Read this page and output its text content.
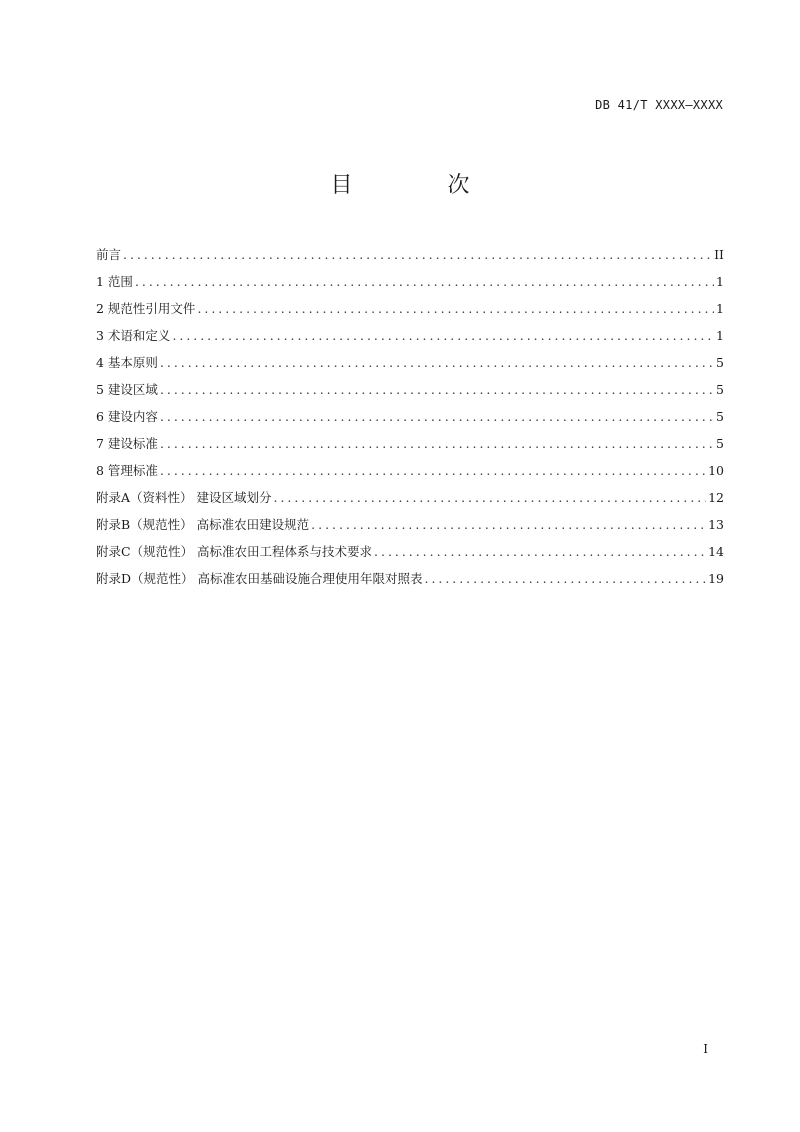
DB 41/T XXXX—XXXX
目 次
前言 . . .	II
1 范围 . . .	1
2 规范性引用文件 . . .	1
3 术语和定义 . . .	1
4 基本原则 . . .	5
5 建设区域 . . .	5
6 建设内容 . . .	5
7 建设标准 . . .	5
8 管理标准 . . .	10
附录A（资料性） 建设区域划分 . . .	12
附录B（规范性） 高标准农田建设规范 . . .	13
附录C（规范性） 高标准农田工程体系与技术要求 . . .	14
附录D（规范性） 高标准农田基础设施合理使用年限对照表 . . .	19
I
